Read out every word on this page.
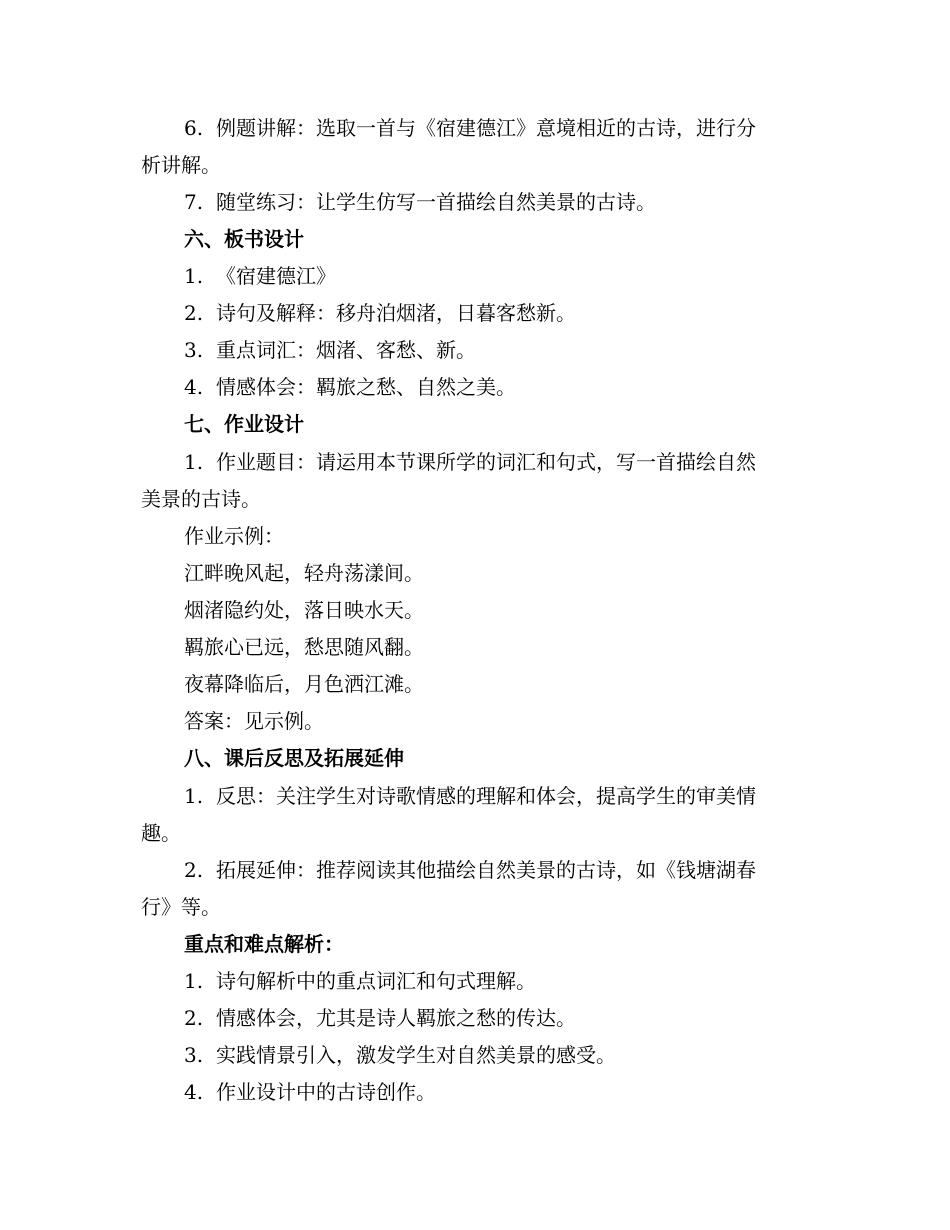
6. 例题讲解：选取一首与《宿建德江》意境相近的古诗，进行分
析讲解。
7. 随堂练习：让学生仿写一首描绘自然美景的古诗。
六、板书设计
1. 《宿建德江》
2. 诗句及解释：移舟泊烟渚，日暮客愁新。
3. 重点词汇：烟渚、客愁、新。
4. 情感体会：羁旅之愁、自然之美。
七、作业设计
1. 作业题目：请运用本节课所学的词汇和句式，写一首描绘自然
美景的古诗。
作业示例：
江畔晚风起，轻舟荡漾间。
烟渚隐约处，落日映水天。
羁旅心已远，愁思随风翻。
夜幕降临后，月色洒江滩。
答案：见示例。
八、课后反思及拓展延伸
1. 反思：关注学生对诗歌情感的理解和体会，提高学生的审美情
趣。
2. 拓展延伸：推荐阅读其他描绘自然美景的古诗，如《钱塘湖春
行》等。
重点和难点解析：
1. 诗句解析中的重点词汇和句式理解。
2. 情感体会，尤其是诗人羁旅之愁的传达。
3. 实践情景引入，激发学生对自然美景的感受。
4. 作业设计中的古诗创作。
